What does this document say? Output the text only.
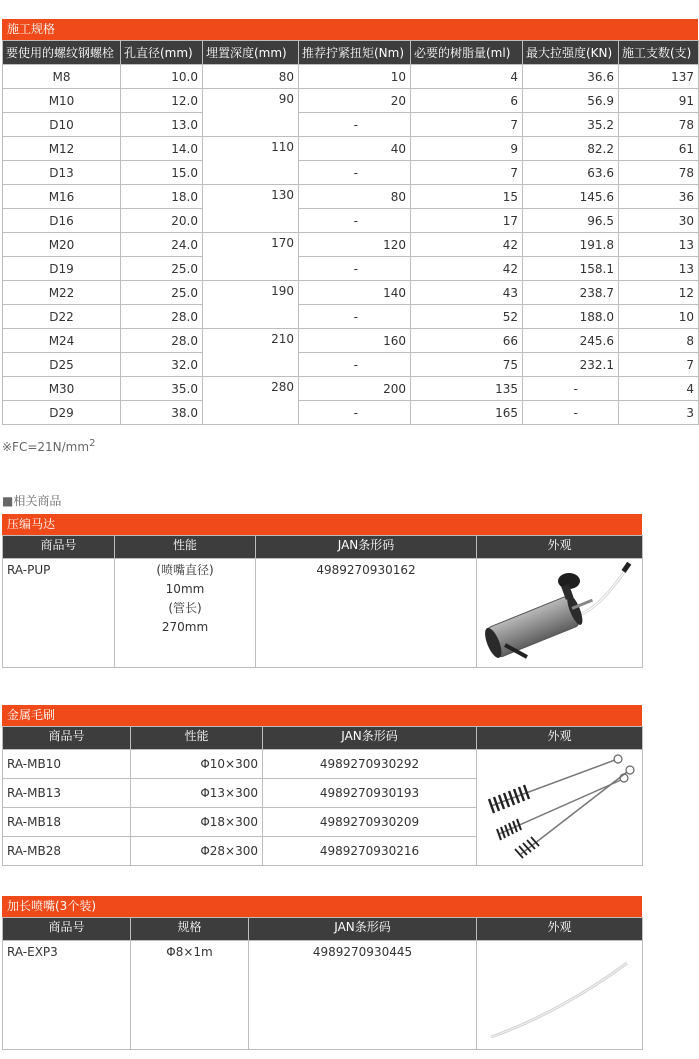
施工规格
要使用的螺纹钢螺栓	孔直径(mm)	埋置深度(mm)	推荐拧紧扭矩(Nm)	必要的树脂量(ml)	最大拉强度(KN)	施工支数(支)
M8	10.0	80	10	4	36.6	137
M10	12.0	90	20	6	56.9	91
D10	13.0		-	7	35.2	78
M12	14.0	110	40	9	82.2	61
D13	15.0		-	7	63.6	78
M16	18.0	130	80	15	145.6	36
D16	20.0		-	17	96.5	30
M20	24.0	170	120	42	191.8	13
D19	25.0		-	42	158.1	13
M22	25.0	190	140	43	238.7	12
D22	28.0		-	52	188.0	10
M24	28.0	210	160	66	245.6	8
D25	32.0		-	75	232.1	7
M30	35.0	280	200	135	-	4
D29	38.0		-	165	-	3
$※FC=21N/mm^2$
■相关商品
压编马达
商品号	性能	JAN条形码	外观
RA-PUP	(喷嘴直径)
10mm
(管长)
270mm	4989270930162	
金属毛刷
商品号	性能	JAN条形码	外观
RA-MB10	Φ10×300	4989270930292	
RA-MB13	Φ13×300	4989270930193	
RA-MB18	Φ18×300	4989270930209	
RA-MB28	Φ28×300	4989270930216	
加长喷嘴(3个装)
商品号	规格	JAN条形码	外观
RA-EXP3	Φ8×1m	4989270930445	
